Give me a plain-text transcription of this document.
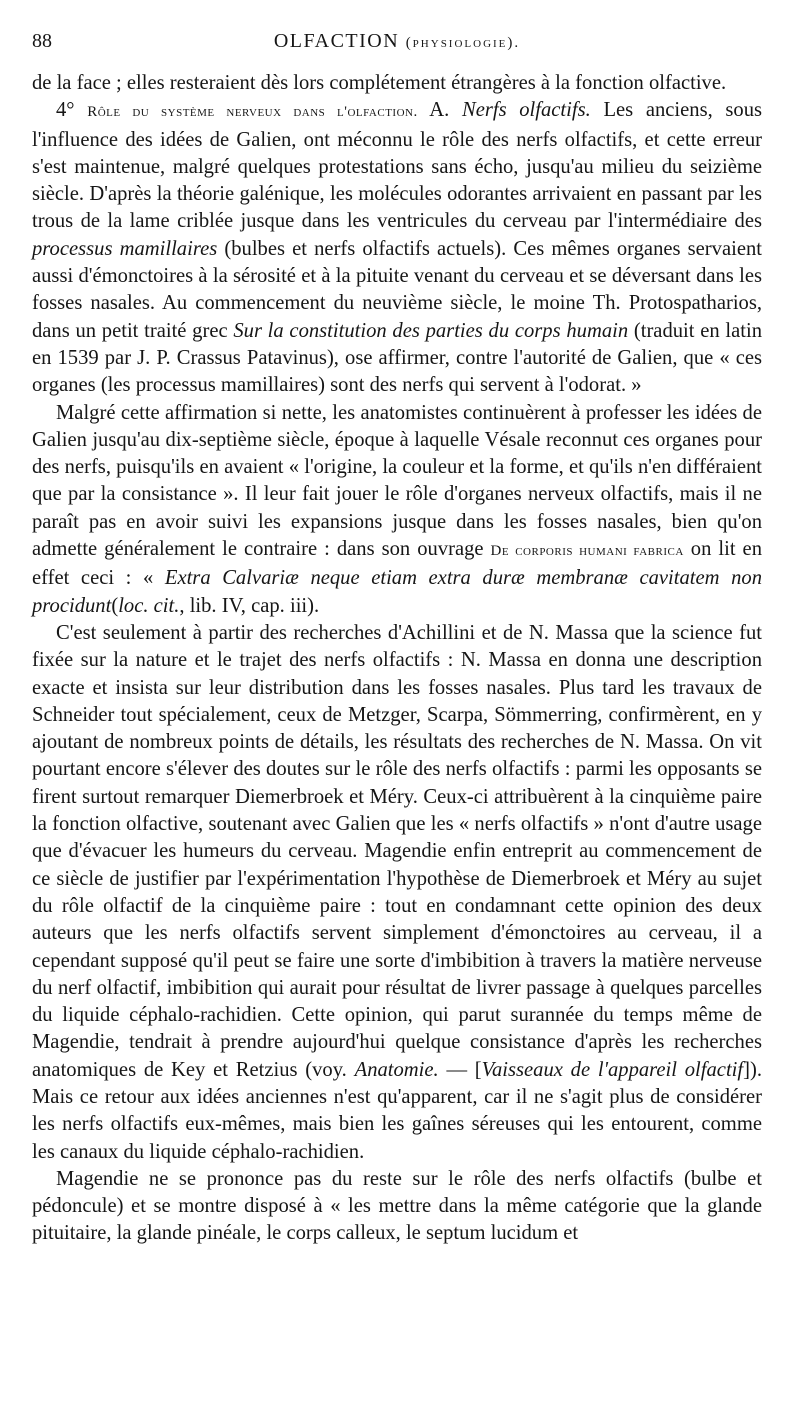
88	OLFACTION (physiologie).

de la face ; elles resteraient dès lors complétement étrangères à la fonction olfactive.

4° Rôle du système nerveux dans l'olfaction. A. Nerfs olfactifs. Les anciens, sous l'influence des idées de Galien, ont méconnu le rôle des nerfs olfactifs, et cette erreur s'est maintenue, malgré quelques protestations sans écho, jusqu'au milieu du seizième siècle. D'après la théorie galénique, les molécules odorantes arrivaient en passant par les trous de la lame criblée jusque dans les ventricules du cerveau par l'intermédiaire des processus mamillaires (bulbes et nerfs olfactifs actuels). Ces mêmes organes servaient aussi d'émonctoires à la sérosité et à la pituite venant du cerveau et se déversant dans les fosses nasales. Au commencement du neuvième siècle, le moine Th. Protospatharios, dans un petit traité grec Sur la constitution des parties du corps humain (traduit en latin en 1539 par J. P. Crassus Patavinus), ose affirmer, contre l'autorité de Galien, que « ces organes (les processus mamillaires) sont des nerfs qui servent à l'odorat. »

Malgré cette affirmation si nette, les anatomistes continuèrent à professer les idées de Galien jusqu'au dix-septième siècle, époque à laquelle Vésale reconnut ces organes pour des nerfs, puisqu'ils en avaient « l'origine, la couleur et la forme, et qu'ils n'en différaient que par la consistance ». Il leur fait jouer le rôle d'organes nerveux olfactifs, mais il ne paraît pas en avoir suivi les expansions jusque dans les fosses nasales, bien qu'on admette généralement le contraire : dans son ouvrage De corporis humani fabrica on lit en effet ceci : « Extra Calvariæ neque etiam extra duræ membranæ cavitatem non procidunt(loc. cit., lib. IV, cap. iii).

C'est seulement à partir des recherches d'Achillini et de N. Massa que la science fut fixée sur la nature et le trajet des nerfs olfactifs : N. Massa en donna une description exacte et insista sur leur distribution dans les fosses nasales. Plus tard les travaux de Schneider tout spécialement, ceux de Metzger, Scarpa, Sömmerring, confirmèrent, en y ajoutant de nombreux points de détails, les résultats des recherches de N. Massa. On vit pourtant encore s'élever des doutes sur le rôle des nerfs olfactifs : parmi les opposants se firent surtout remarquer Diemerbroek et Méry. Ceux-ci attribuèrent à la cinquième paire la fonction olfactive, soutenant avec Galien que les « nerfs olfactifs » n'ont d'autre usage que d'évacuer les humeurs du cerveau. Magendie enfin entreprit au commencement de ce siècle de justifier par l'expérimentation l'hypothèse de Diemerbroek et Méry au sujet du rôle olfactif de la cinquième paire : tout en condamnant cette opinion des deux auteurs que les nerfs olfactifs servent simplement d'émonctoires au cerveau, il a cependant supposé qu'il peut se faire une sorte d'imbibition à travers la matière nerveuse du nerf olfactif, imbibition qui aurait pour résultat de livrer passage à quelques parcelles du liquide céphalo-rachidien. Cette opinion, qui parut surannée du temps même de Magendie, tendrait à prendre aujourd'hui quelque consistance d'après les recherches anatomiques de Key et Retzius (voy. Anatomie. — [Vaisseaux de l'appareil olfactif]). Mais ce retour aux idées anciennes n'est qu'apparent, car il ne s'agit plus de considérer les nerfs olfactifs eux-mêmes, mais bien les gaînes séreuses qui les entourent, comme les canaux du liquide céphalo-rachidien.

Magendie ne se prononce pas du reste sur le rôle des nerfs olfactifs (bulbe et pédoncule) et se montre disposé à « les mettre dans la même catégorie que la glande pituitaire, la glande pinéale, le corps calleux, le septum lucidum et
